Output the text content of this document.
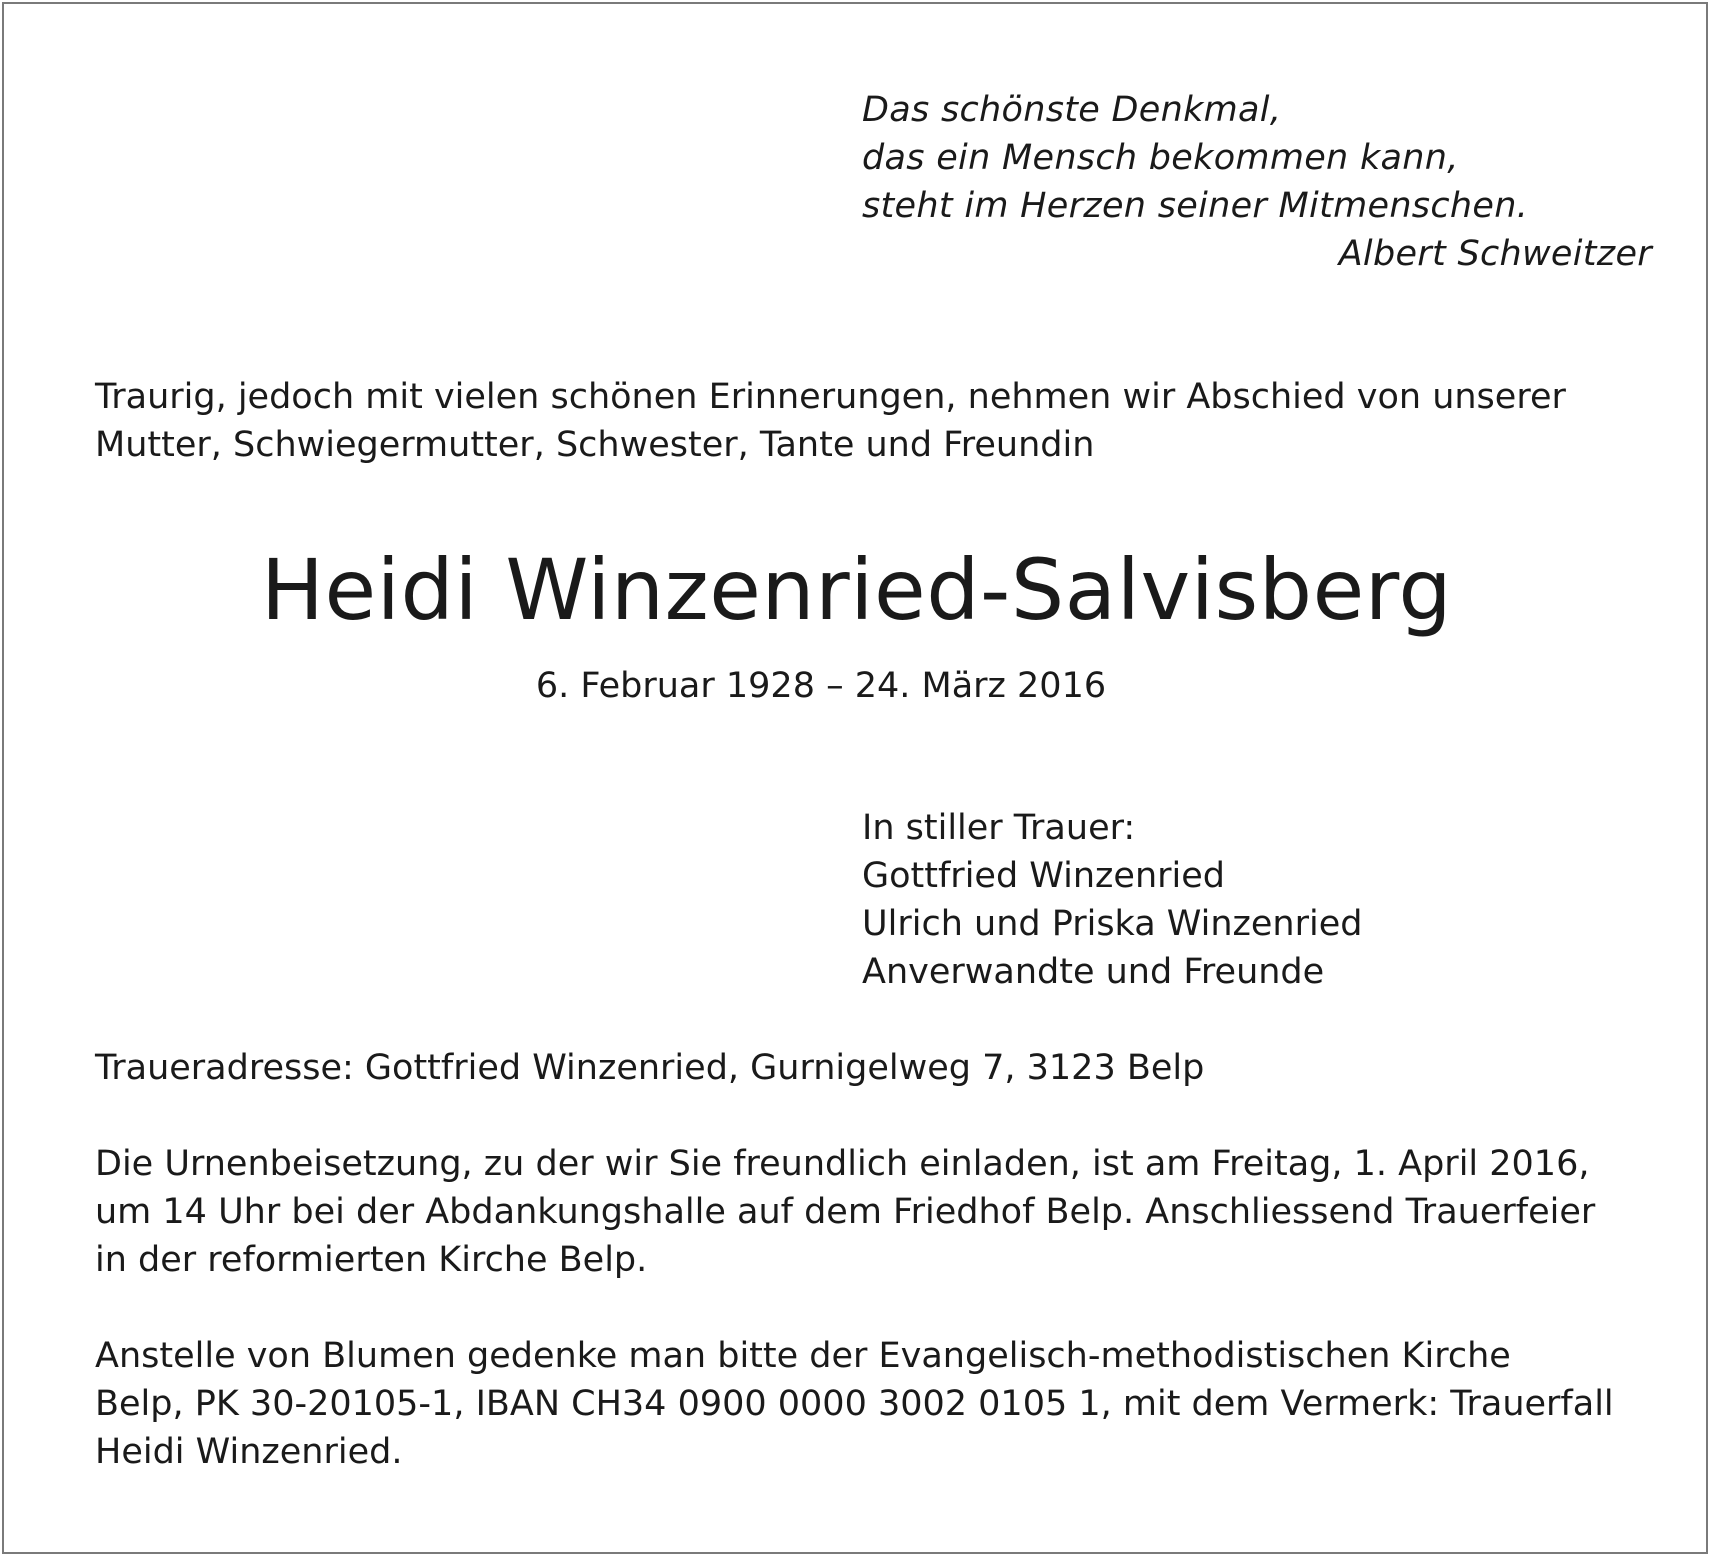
Das schönste Denkmal,
das ein Mensch bekommen kann,
steht im Herzen seiner Mitmenschen.
Albert Schweitzer
Traurig, jedoch mit vielen schönen Erinnerungen, nehmen wir Abschied von unserer
Mutter, Schwiegermutter, Schwester, Tante und Freundin
Heidi Winzenried-Salvisberg
6. Februar 1928 – 24. März 2016
In stiller Trauer:
Gottfried Winzenried
Ulrich und Priska Winzenried
Anverwandte und Freunde
Traueradresse: Gottfried Winzenried, Gurnigelweg 7, 3123 Belp
Die Urnenbeisetzung, zu der wir Sie freundlich einladen, ist am Freitag, 1. April 2016,
um 14 Uhr bei der Abdankungshalle auf dem Friedhof Belp. Anschliessend Trauerfeier
in der reformierten Kirche Belp.
Anstelle von Blumen gedenke man bitte der Evangelisch-methodistischen Kirche
Belp, PK 30-20105-1, IBAN CH34 0900 0000 3002 0105 1, mit dem Vermerk: Trauerfall
Heidi Winzenried.
